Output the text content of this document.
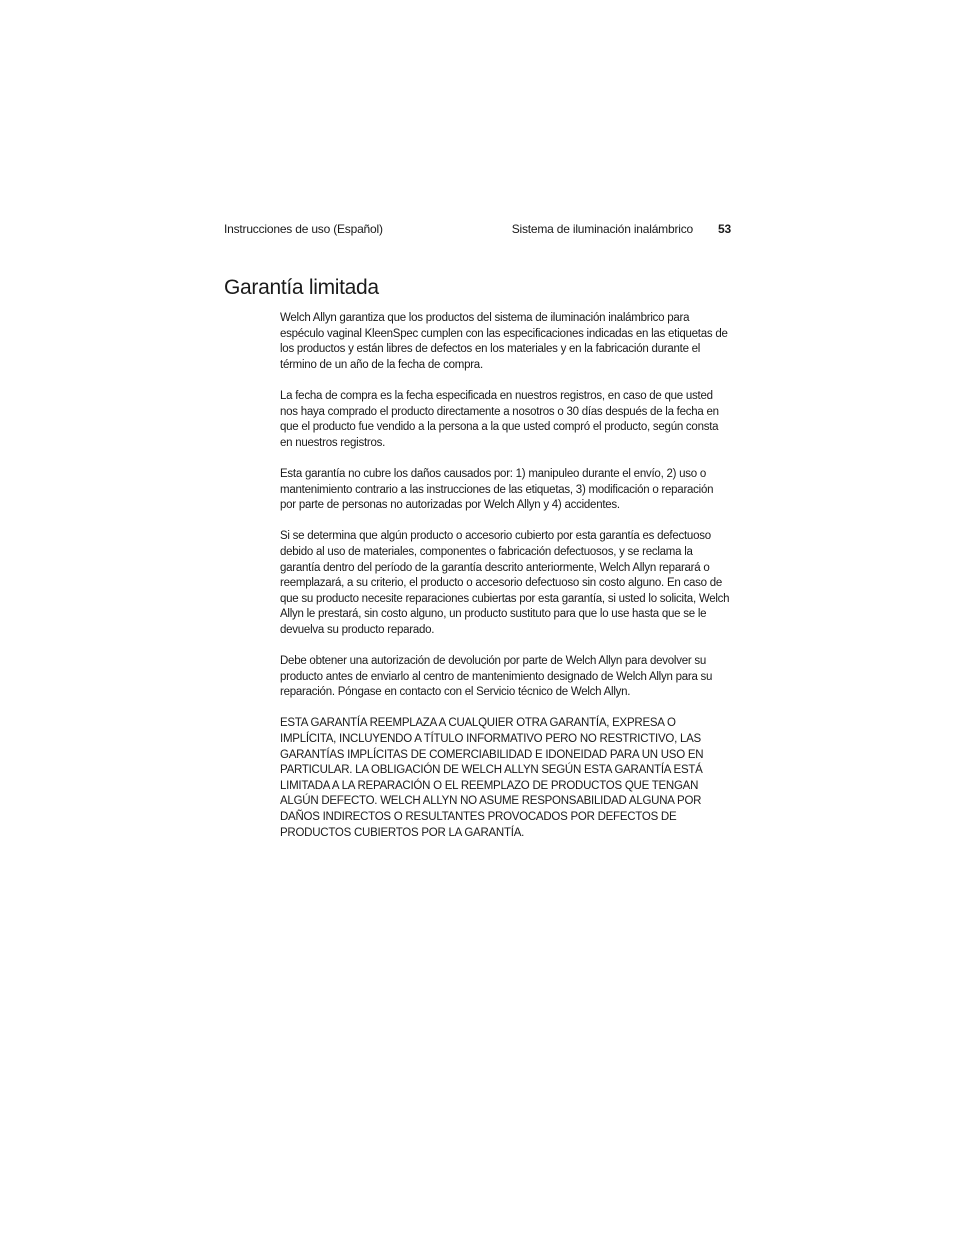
Instrucciones de uso (Español)	Sistema de iluminación inalámbrico 53
Garantía limitada

Welch Allyn garantiza que los productos del sistema de iluminación inalámbrico para espéculo vaginal KleenSpec cumplen con las especificaciones indicadas en las etiquetas de los productos y están libres de defectos en los materiales y en la fabricación durante el término de un año de la fecha de compra.

La fecha de compra es la fecha especificada en nuestros registros, en caso de que usted nos haya comprado el producto directamente a nosotros o 30 días después de la fecha en que el producto fue vendido a la persona a la que usted compró el producto, según consta en nuestros registros.

Esta garantía no cubre los daños causados por: 1) manipuleo durante el envío, 2) uso o mantenimiento contrario a las instrucciones de las etiquetas, 3) modificación o reparación por parte de personas no autorizadas por Welch Allyn y 4) accidentes.

Si se determina que algún producto o accesorio cubierto por esta garantía es defectuoso debido al uso de materiales, componentes o fabricación defectuosos, y se reclama la garantía dentro del período de la garantía descrito anteriormente, Welch Allyn reparará o reemplazará, a su criterio, el producto o accesorio defectuoso sin costo alguno. En caso de que su producto necesite reparaciones cubiertas por esta garantía, si usted lo solicita, Welch Allyn le prestará, sin costo alguno, un producto sustituto para que lo use hasta que se le devuelva su producto reparado.

Debe obtener una autorización de devolución por parte de Welch Allyn para devolver su producto antes de enviarlo al centro de mantenimiento designado de Welch Allyn para su reparación. Póngase en contacto con el Servicio técnico de Welch Allyn.

ESTA GARANTÍA REEMPLAZA A CUALQUIER OTRA GARANTÍA, EXPRESA O IMPLÍCITA, INCLUYENDO A TÍTULO INFORMATIVO PERO NO RESTRICTIVO, LAS GARANTÍAS IMPLÍCITAS DE COMERCIABILIDAD E IDONEIDAD PARA UN USO EN PARTICULAR. LA OBLIGACIÓN DE WELCH ALLYN SEGÚN ESTA GARANTÍA ESTÁ LIMITADA A LA REPARACIÓN O EL REEMPLAZO DE PRODUCTOS QUE TENGAN ALGÚN DEFECTO. WELCH ALLYN NO ASUME RESPONSABILIDAD ALGUNA POR DAÑOS INDIRECTOS O RESULTANTES PROVOCADOS POR DEFECTOS DE PRODUCTOS CUBIERTOS POR LA GARANTÍA.
